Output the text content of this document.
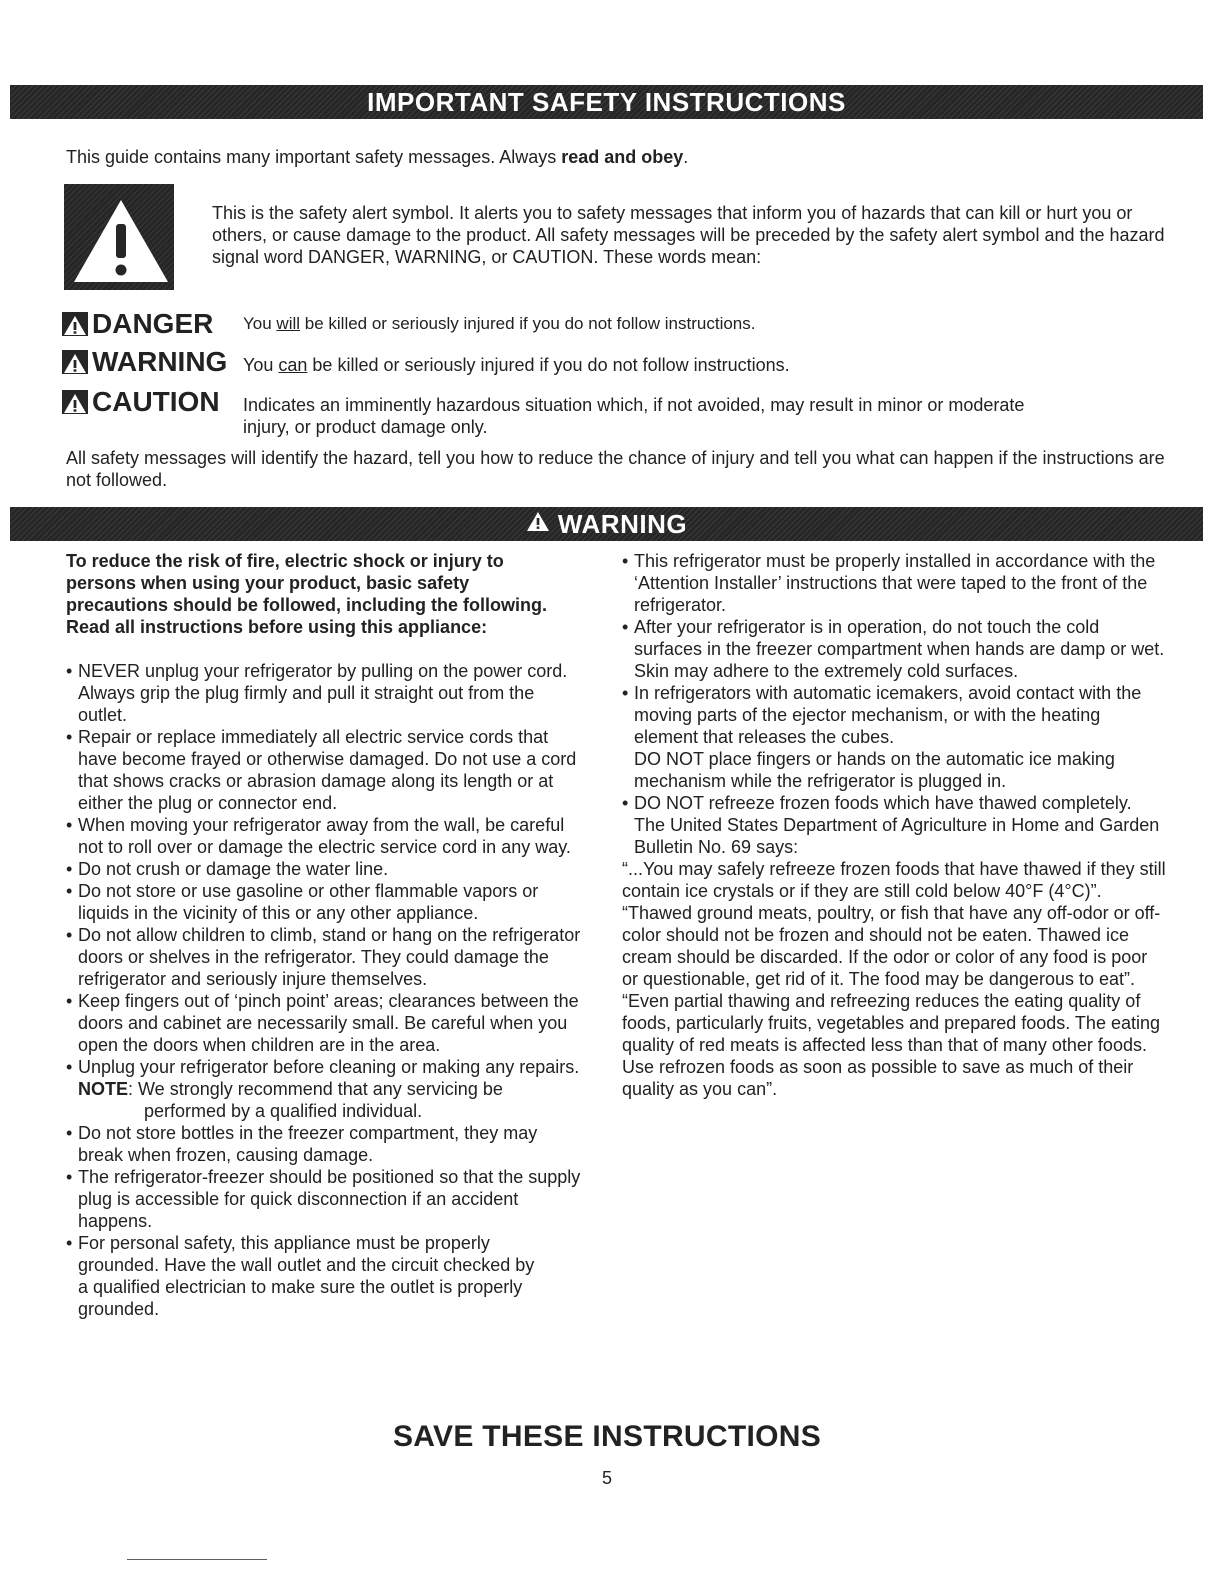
IMPORTANT SAFETY INSTRUCTIONS
This guide contains many important safety messages. Always read and obey.
This is the safety alert symbol. It alerts you to safety messages that inform you of hazards that can kill or hurt you or others, or cause damage to the product. All safety messages will be preceded by the safety alert symbol and the hazard signal word DANGER, WARNING, or CAUTION. These words mean:
DANGER You will be killed or seriously injured if you do not follow instructions.
WARNING You can be killed or seriously injured if you do not follow instructions.
CAUTION Indicates an imminently hazardous situation which, if not avoided, may result in minor or moderate
injury, or product damage only.
All safety messages will identify the hazard, tell you how to reduce the chance of injury and tell you what can happen if the instructions are not followed.
WARNING
To reduce the risk of fire, electric shock or injury to persons when using your product, basic safety precautions should be followed, including the following. Read all instructions before using this appliance:
• NEVER unplug your refrigerator by pulling on the power cord. Always grip the plug firmly and pull it straight out from the outlet.
• Repair or replace immediately all electric service cords that have become frayed or otherwise damaged. Do not use a cord that shows cracks or abrasion damage along its length or at either the plug or connector end.
• When moving your refrigerator away from the wall, be careful not to roll over or damage the electric service cord in any way.
• Do not crush or damage the water line.
• Do not store or use gasoline or other flammable vapors or liquids in the vicinity of this or any other appliance.
• Do not allow children to climb, stand or hang on the refrigerator doors or shelves in the refrigerator. They could damage the refrigerator and seriously injure themselves.
• Keep fingers out of ‘pinch point’ areas; clearances between the doors and cabinet are necessarily small. Be careful when you open the doors when children are in the area.
• Unplug your refrigerator before cleaning or making any repairs.
NOTE: We strongly recommend that any servicing be
performed by a qualified individual.
• Do not store bottles in the freezer compartment, they may break when frozen, causing damage.
• The refrigerator-freezer should be positioned so that the supply plug is accessible for quick disconnection if an accident happens.
• For personal safety, this appliance must be properly grounded. Have the wall outlet and the circuit checked by a qualified electrician to make sure the outlet is properly grounded.
• This refrigerator must be properly installed in accordance with the ‘Attention Installer’ instructions that were taped to the front of the refrigerator.
• After your refrigerator is in operation, do not touch the cold surfaces in the freezer compartment when hands are damp or wet. Skin may adhere to the extremely cold surfaces.
• In refrigerators with automatic icemakers, avoid contact with the moving parts of the ejector mechanism, or with the heating element that releases the cubes.
DO NOT place fingers or hands on the automatic ice making mechanism while the refrigerator is plugged in.
• DO NOT refreeze frozen foods which have thawed completely. The United States Department of Agriculture in Home and Garden Bulletin No. 69 says:
“...You may safely refreeze frozen foods that have thawed if they still contain ice crystals or if they are still cold below 40°F (4°C)”.
“Thawed ground meats, poultry, or fish that have any off-odor or off-color should not be frozen and should not be eaten. Thawed ice cream should be discarded. If the odor or color of any food is poor or questionable, get rid of it. The food may be dangerous to eat”.
“Even partial thawing and refreezing reduces the eating quality of foods, particularly fruits, vegetables and prepared foods. The eating quality of red meats is affected less than that of many other foods. Use refrozen foods as soon as possible to save as much of their quality as you can”.
SAVE THESE INSTRUCTIONS
5
